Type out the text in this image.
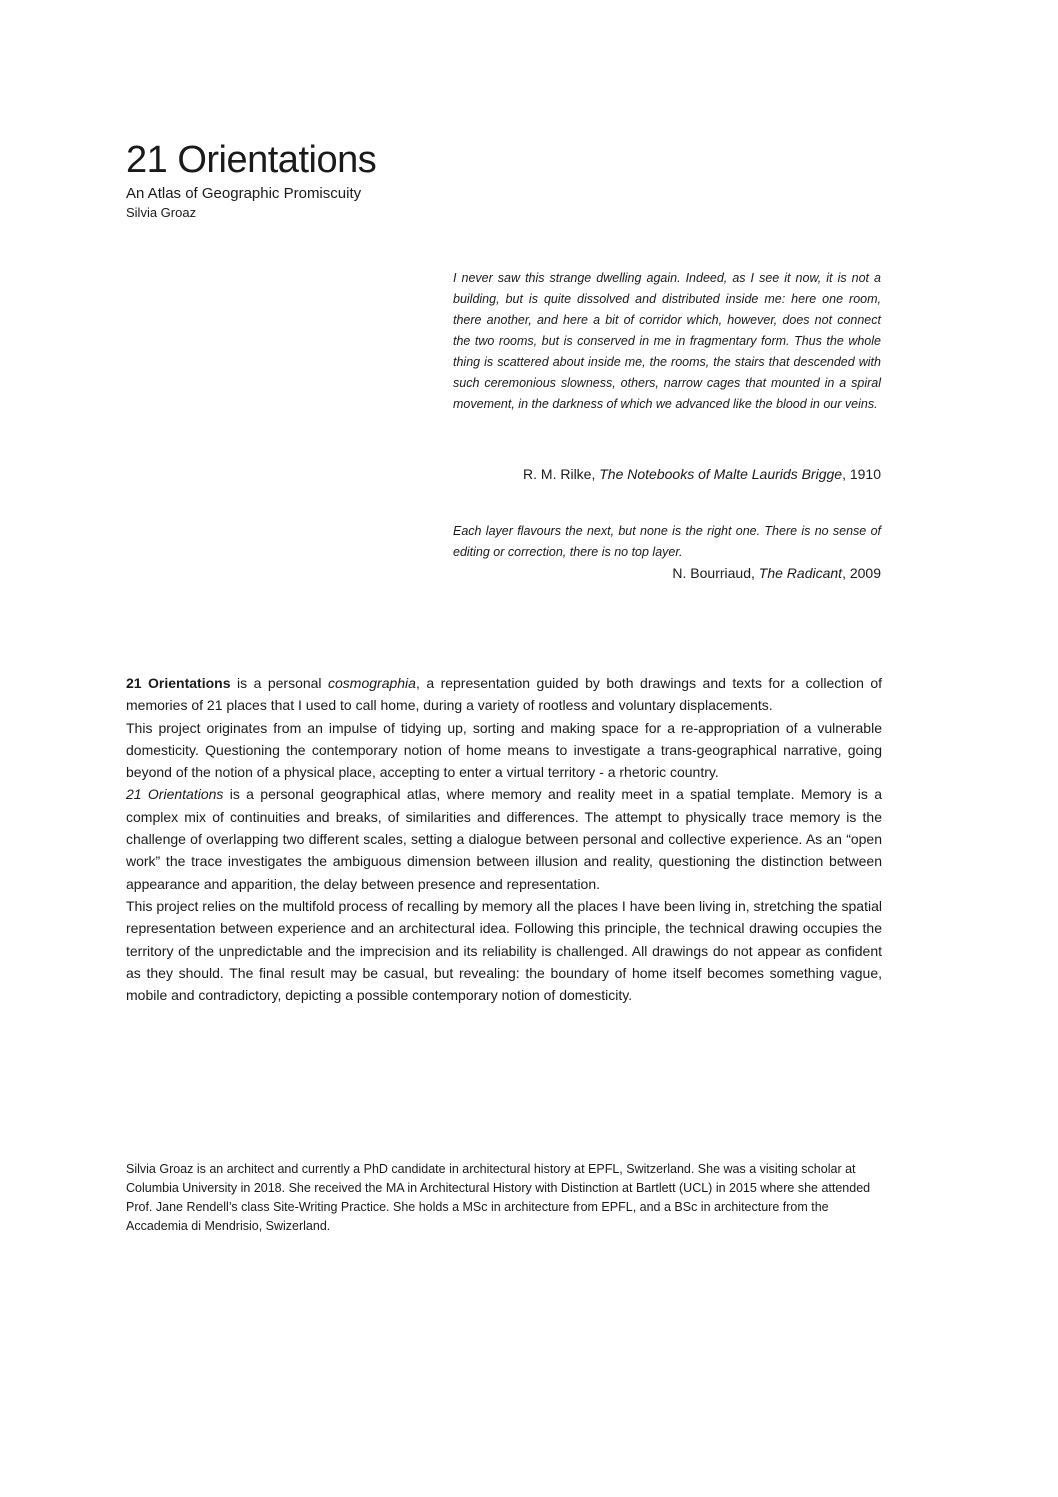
21 Orientations
An Atlas of Geographic Promiscuity
Silvia Groaz
I never saw this strange dwelling again. Indeed, as I see it now, it is not a building, but is quite dissolved and distributed inside me: here one room, there another, and here a bit of corridor which, however, does not connect the two rooms, but is conserved in me in fragmentary form. Thus the whole thing is scattered about inside me, the rooms, the stairs that descended with such ceremonious slowness, others, narrow cages that mounted in a spiral movement, in the darkness of which we advanced like the blood in our veins.
R. M. Rilke, The Notebooks of Malte Laurids Brigge, 1910
Each layer flavours the next, but none is the right one. There is no sense of editing or correction, there is no top layer.
N. Bourriaud, The Radicant, 2009

21 Orientations is a personal cosmographia, a representation guided by both drawings and texts for a collection of memories of 21 places that I used to call home, during a variety of rootless and voluntary displacements.

This project originates from an impulse of tidying up, sorting and making space for a re-appropriation of a vulnerable domesticity. Questioning the contemporary notion of home means to investigate a trans-geographical narrative, going beyond of the notion of a physical place, accepting to enter a virtual territory - a rhetoric country.

21 Orientations is a personal geographical atlas, where memory and reality meet in a spatial template. Memory is a complex mix of continuities and breaks, of similarities and differences. The attempt to physically trace memory is the challenge of overlapping two different scales, setting a dialogue between personal and collective experience. As an “open work” the trace investigates the ambiguous dimension between illusion and reality, questioning the distinction between appearance and apparition, the delay between presence and representation.

This project relies on the multifold process of recalling by memory all the places I have been living in, stretching the spatial representation between experience and an architectural idea. Following this principle, the technical drawing occupies the territory of the unpredictable and the imprecision and its reliability is challenged. All drawings do not appear as confident as they should. The final result may be casual, but revealing: the boundary of home itself becomes something vague, mobile and contradictory, depicting a possible contemporary notion of domesticity.

Silvia Groaz is an architect and currently a PhD candidate in architectural history at EPFL, Switzerland. She was a visiting scholar at Columbia University in 2018. She received the MA in Architectural History with Distinction at Bartlett (UCL) in 2015 where she attended Prof. Jane Rendell’s class Site-Writing Practice. She holds a MSc in architecture from EPFL, and a BSc in architecture from the Accademia di Mendrisio, Swizerland.
